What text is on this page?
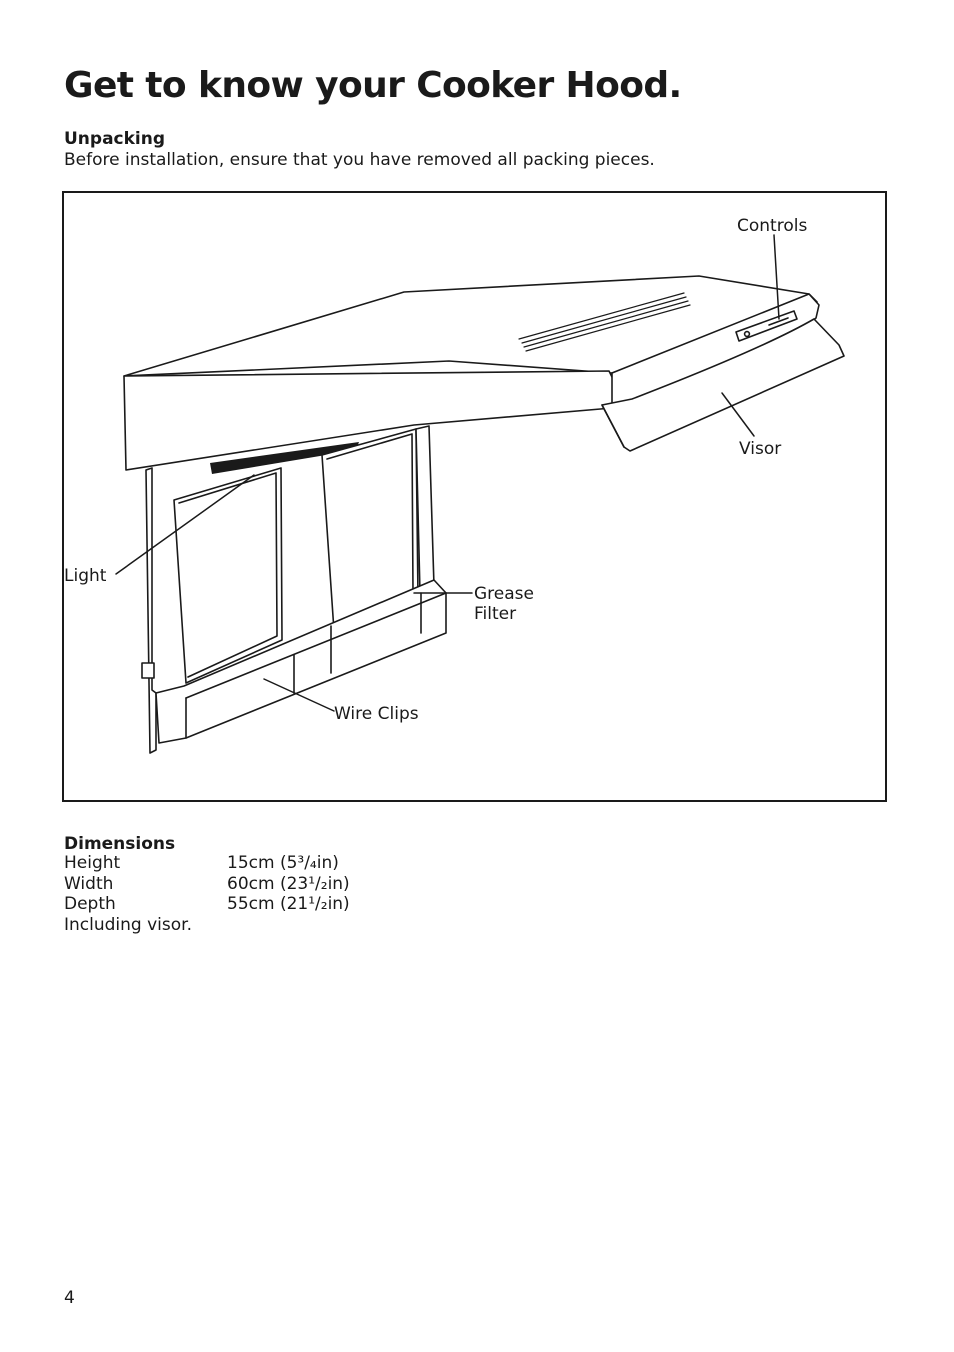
Get to know your Cooker Hood.
Unpacking
Before installation, ensure that you have removed all packing pieces.
Controls
Visor
Light
Grease
Filter
Wire Clips
Dimensions
Height	15cm (5³/₄in)
Width	60cm (23¹/₂in)
Depth	55cm (21¹/₂in)
Including visor.
4
